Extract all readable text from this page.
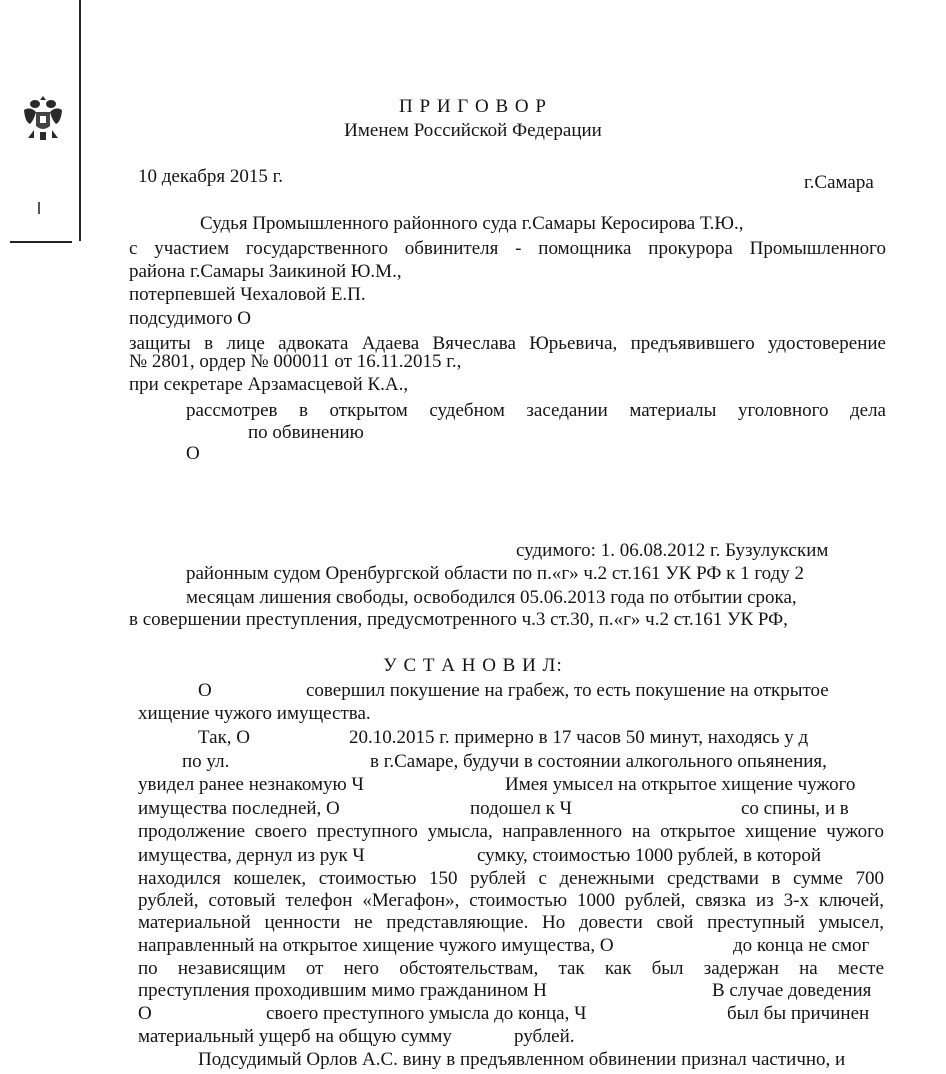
П Р И Г О В О Р
Именем Российской Федерации
10 декабря 2015 г.	г.Самара
Судья Промышленного районного суда г.Самары Керосирова Т.Ю.,
с участием государственного обвинителя - помощника прокурора Промышленного
района г.Самары Заикиной Ю.М.,
потерпевшей Чехаловой Е.П.
подсудимого О
защиты в лице адвоката Адаева Вячеслава Юрьевича, предъявившего удостоверение
№ 2801, ордер № 000011 от 16.11.2015 г.,
при секретаре Арзамасцевой К.А.,
рассмотрев в открытом судебном заседании материалы уголовного дела
по обвинению
О
судимого: 1. 06.08.2012 г. Бузулукским
районным судом Оренбургской области по п.«г» ч.2 ст.161 УК РФ к 1 году 2
месяцам лишения свободы, освободился 05.06.2013 года по отбытии срока,
в совершении преступления, предусмотренного ч.3 ст.30, п.«г» ч.2 ст.161 УК РФ,
У С Т А Н О В И Л:
О	совершил покушение на грабеж, то есть покушение на открытое
хищение чужого имущества.
Так, О	20.10.2015 г. примерно в 17 часов 50 минут, находясь у д
по ул.	в г.Самаре, будучи в состоянии алкогольного опьянения,
увидел ранее незнакомую Ч	Имея умысел на открытое хищение чужого
имущества последней, О	подошел к Ч	со спины, и в
продолжение своего преступного умысла, направленного на открытое хищение чужого
имущества, дернул из рук Ч	сумку, стоимостью 1000 рублей, в которой
находился кошелек, стоимостью 150 рублей с денежными средствами в сумме 700
рублей, сотовый телефон «Мегафон», стоимостью 1000 рублей, связка из 3-х ключей,
материальной ценности не представляющие. Но довести свой преступный умысел,
направленный на открытое хищение чужого имущества, О	до конца не смог
по независящим от него обстоятельствам, так как был задержан на месте
преступления проходившим мимо гражданином Н	В случае доведения
О	своего преступного умысла до конца, Ч	был бы причинен
материальный ущерб на общую сумму	рублей.
Подсудимый Орлов А.С. вину в предъявленном обвинении признал частично, и
